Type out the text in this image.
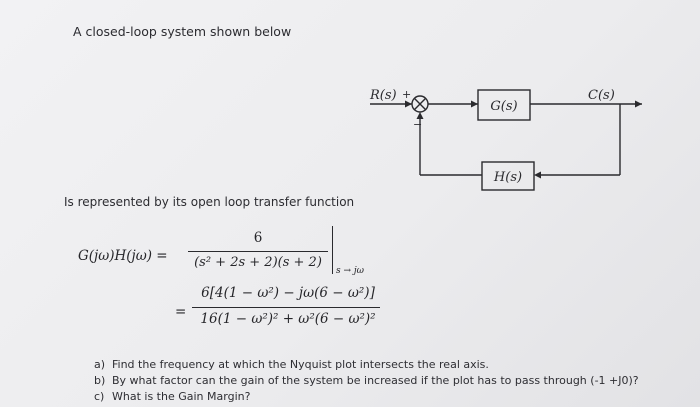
A closed-loop system shown below
R(s) +
−
G(s)
H(s)
C(s)
Is represented by its open loop transfer function
G(jω)H(jω) =
6
(s² + 2s + 2)(s + 2)
s → jω
=
6[4(1 − ω²) − jω(6 − ω²)]
16(1 − ω²)² + ω²(6 − ω²)²
a) Find the frequency at which the Nyquist plot intersects the real axis.
b) By what factor can the gain of the system be increased if the plot has to pass through (-1 +J0)?
c) What is the Gain Margin?
